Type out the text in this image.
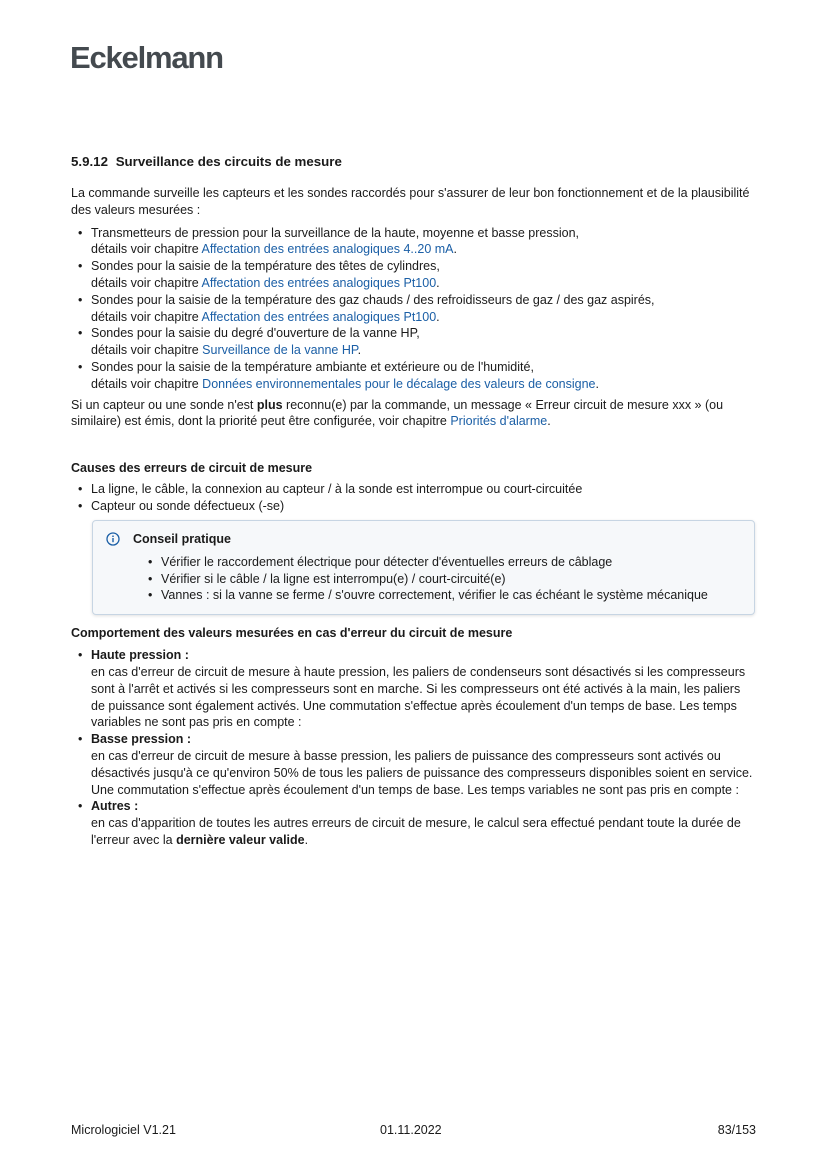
Eckelmann
5.9.12 Surveillance des circuits de mesure

La commande surveille les capteurs et les sondes raccordés pour s'assurer de leur bon fonctionnement et de la plausibilité des valeurs mesurées :

• Transmetteurs de pression pour la surveillance de la haute, moyenne et basse pression,
détails voir chapitre Affectation des entrées analogiques 4..20 mA.
• Sondes pour la saisie de la température des têtes de cylindres,
détails voir chapitre Affectation des entrées analogiques Pt100.
• Sondes pour la saisie de la température des gaz chauds / des refroidisseurs de gaz / des gaz aspirés,
détails voir chapitre Affectation des entrées analogiques Pt100.
• Sondes pour la saisie du degré d'ouverture de la vanne HP,
détails voir chapitre Surveillance de la vanne HP.
• Sondes pour la saisie de la température ambiante et extérieure ou de l'humidité,
détails voir chapitre Données environnementales pour le décalage des valeurs de consigne.

Si un capteur ou une sonde n'est plus reconnu(e) par la commande, un message « Erreur circuit de mesure xxx » (ou similaire) est émis, dont la priorité peut être configurée, voir chapitre Priorités d'alarme.

Causes des erreurs de circuit de mesure
• La ligne, le câble, la connexion au capteur / à la sonde est interrompue ou court-circuitée
• Capteur ou sonde défectueux (-se)
Conseil pratique
• Vérifier le raccordement électrique pour détecter d'éventuelles erreurs de câblage
• Vérifier si le câble / la ligne est interrompu(e) / court-circuité(e)
• Vannes : si la vanne se ferme / s'ouvre correctement, vérifier le cas échéant le système mécanique
Comportement des valeurs mesurées en cas d'erreur du circuit de mesure
• Haute pression :
en cas d'erreur de circuit de mesure à haute pression, les paliers de condenseurs sont désactivés si les compresseurs sont à l'arrêt et activés si les compresseurs sont en marche. Si les compresseurs ont été activés à la main, les paliers de puissance sont également activés. Une commutation s'effectue après écoulement d'un temps de base. Les temps variables ne sont pas pris en compte :
• Basse pression :
en cas d'erreur de circuit de mesure à basse pression, les paliers de puissance des compresseurs sont activés ou désactivés jusqu'à ce qu'environ 50% de tous les paliers de puissance des compresseurs disponibles soient en service. Une commutation s'effectue après écoulement d'un temps de base. Les temps variables ne sont pas pris en compte :
• Autres :
en cas d'apparition de toutes les autres erreurs de circuit de mesure, le calcul sera effectué pendant toute la durée de l'erreur avec la dernière valeur valide.
Micrologiciel V1.21	01.11.2022	83/153
